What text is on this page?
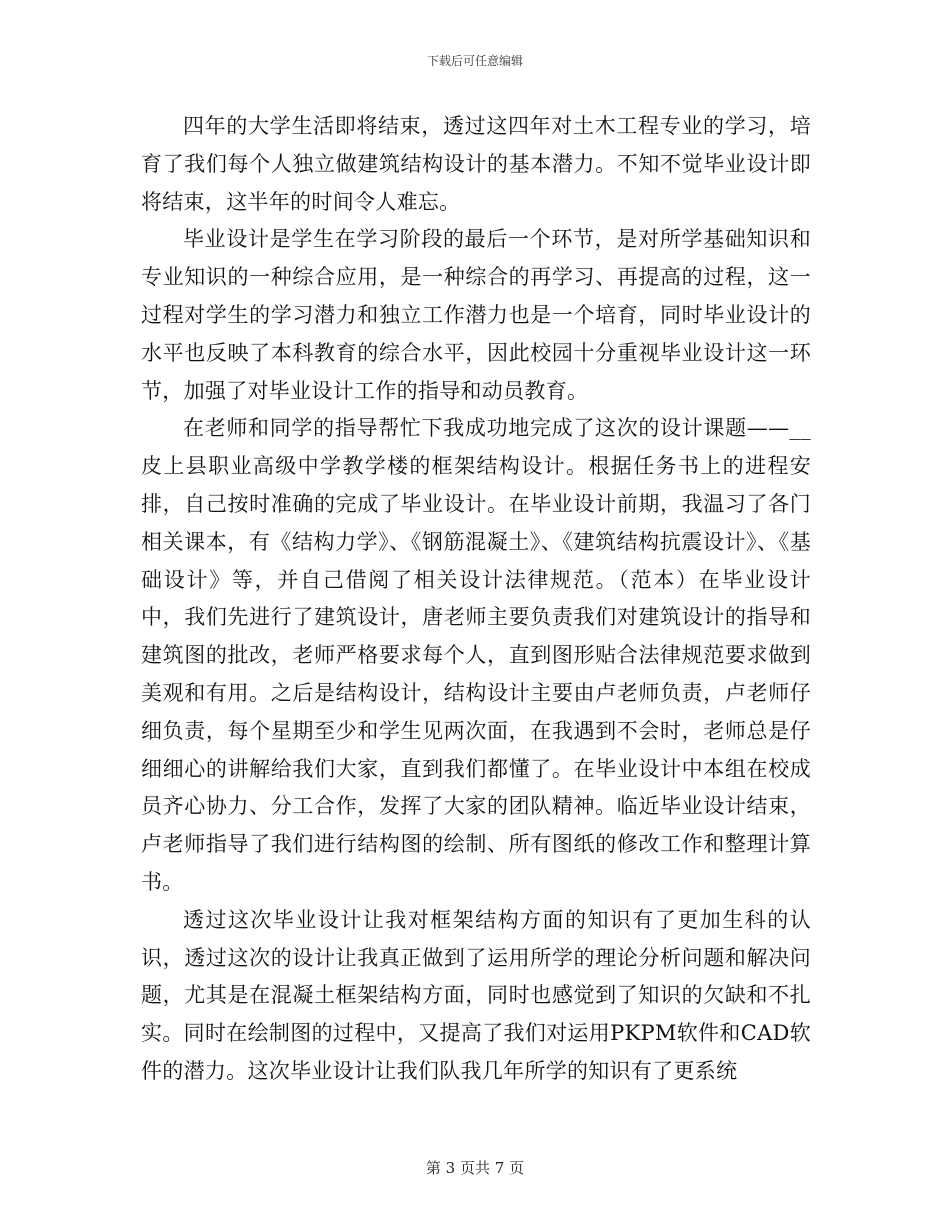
下载后可任意编辑

四年的大学生活即将结束，透过这四年对土木工程专业的学习，培育了我们每个人独立做建筑结构设计的基本潜力。不知不觉毕业设计即将结束，这半年的时间令人难忘。

毕业设计是学生在学习阶段的最后一个环节，是对所学基础知识和专业知识的一种综合应用，是一种综合的再学习、再提高的过程，这一过程对学生的学习潜力和独立工作潜力也是一个培育，同时毕业设计的水平也反映了本科教育的综合水平，因此校园十分重视毕业设计这一环节，加强了对毕业设计工作的指导和动员教育。

在老师和同学的指导帮忙下我成功地完成了这次的设计课题——__皮上县职业高级中学教学楼的框架结构设计。根据任务书上的进程安排，自己按时准确的完成了毕业设计。在毕业设计前期，我温习了各门相关课本，有《结构力学》、《钢筋混凝土》、《建筑结构抗震设计》、《基础设计》等，并自己借阅了相关设计法律规范。（范本）在毕业设计中，我们先进行了建筑设计，唐老师主要负责我们对建筑设计的指导和建筑图的批改，老师严格要求每个人，直到图形贴合法律规范要求做到美观和有用。之后是结构设计，结构设计主要由卢老师负责，卢老师仔细负责，每个星期至少和学生见两次面，在我遇到不会时，老师总是仔细细心的讲解给我们大家，直到我们都懂了。在毕业设计中本组在校成员齐心协力、分工合作，发挥了大家的团队精神。临近毕业设计结束，卢老师指导了我们进行结构图的绘制、所有图纸的修改工作和整理计算书。

透过这次毕业设计让我对框架结构方面的知识有了更加生科的认识，透过这次的设计让我真正做到了运用所学的理论分析问题和解决问题，尤其是在混凝土框架结构方面，同时也感觉到了知识的欠缺和不扎实。同时在绘制图的过程中，又提高了我们对运用PKPM软件和CAD软件的潜力。这次毕业设计让我们队我几年所学的知识有了更系统

第 3 页共 7 页
